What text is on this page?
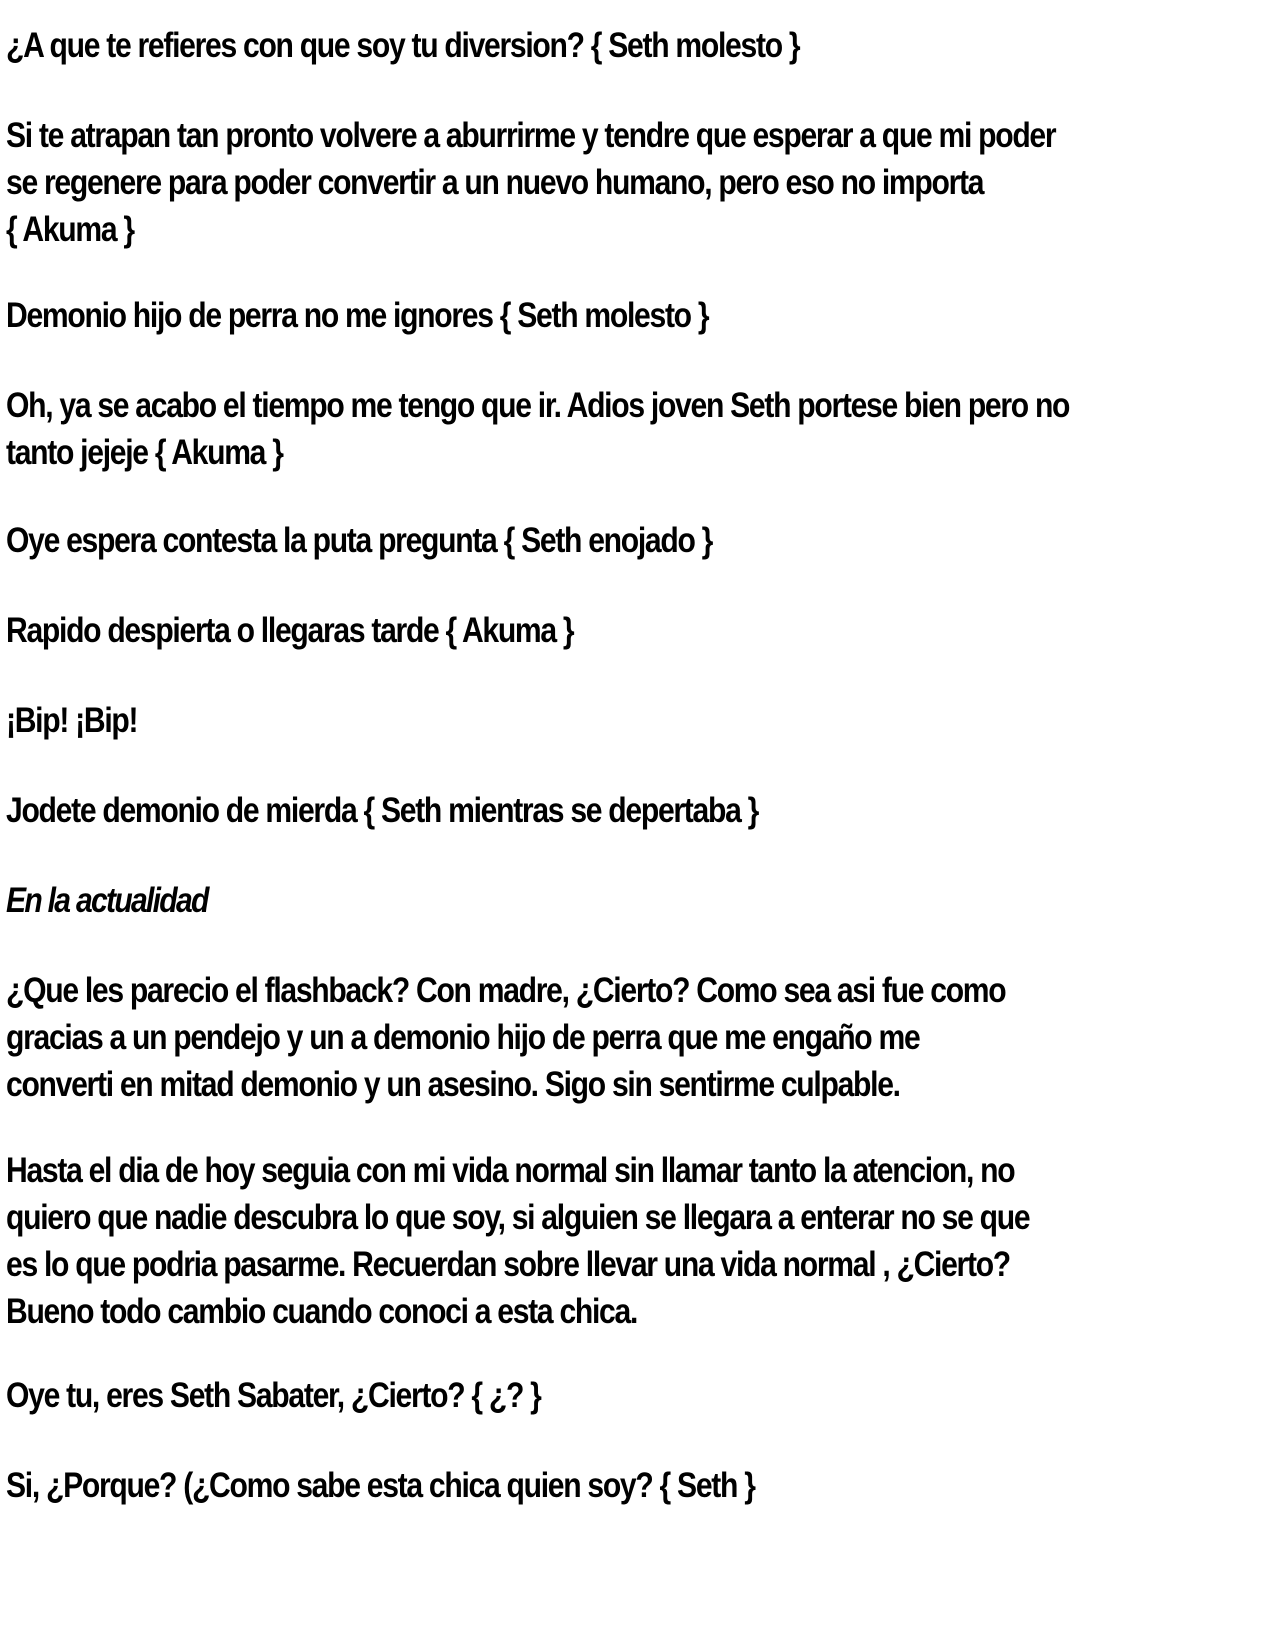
¿A que te refieres con que soy tu diversion? { Seth molesto }

Si te atrapan tan pronto volvere a aburrirme y tendre que esperar a que mi poder
se regenere para poder convertir a un nuevo humano, pero eso no importa
{ Akuma }

Demonio hijo de perra no me ignores { Seth molesto }

Oh, ya se acabo el tiempo me tengo que ir. Adios joven Seth portese bien pero no
tanto jejeje { Akuma }

Oye espera contesta la puta pregunta { Seth enojado }

Rapido despierta o llegaras tarde { Akuma }

¡Bip! ¡Bip!

Jodete demonio de mierda { Seth mientras se depertaba }

En la actualidad

¿Que les parecio el flashback? Con madre, ¿Cierto? Como sea asi fue como
gracias a un pendejo y un a demonio hijo de perra que me engaño me
converti en mitad demonio y un asesino. Sigo sin sentirme culpable.

Hasta el dia de hoy seguia con mi vida normal sin llamar tanto la atencion, no
quiero que nadie descubra lo que soy, si alguien se llegara a enterar no se que
es lo que podria pasarme. Recuerdan sobre llevar una vida normal , ¿Cierto?
Bueno todo cambio cuando conoci a esta chica.

Oye tu, eres Seth Sabater, ¿Cierto? { ¿? }

Si, ¿Porque? (¿Como sabe esta chica quien soy? { Seth }
